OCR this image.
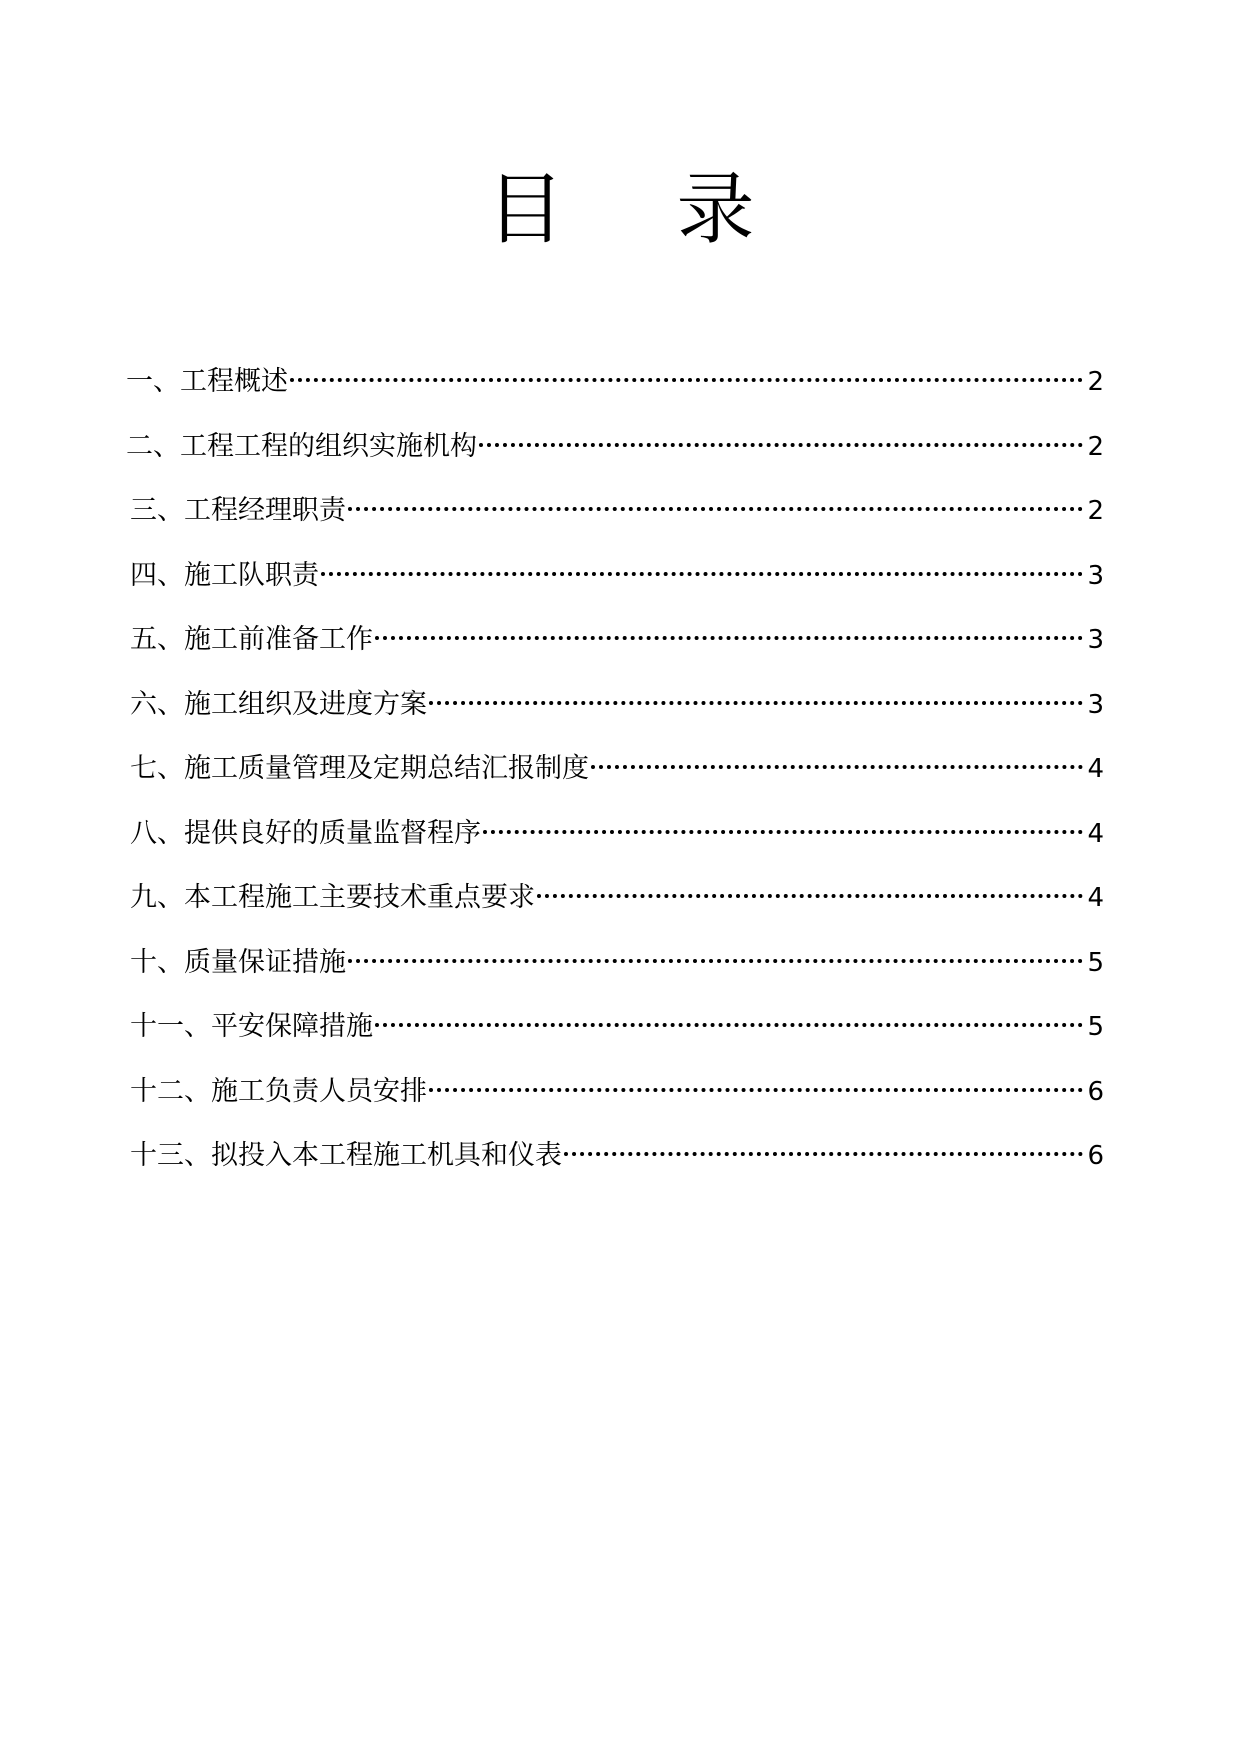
目 录
一、工程概述	2
二、工程工程的组织实施机构	2
三、工程经理职责	2
四、施工队职责	3
五、施工前准备工作	3
六、施工组织及进度方案	3
七、施工质量管理及定期总结汇报制度	4
八、提供良好的质量监督程序	4
九、本工程施工主要技术重点要求	4
十、质量保证措施	5
十一、平安保障措施	5
十二、施工负责人员安排	6
十三、拟投入本工程施工机具和仪表	6
